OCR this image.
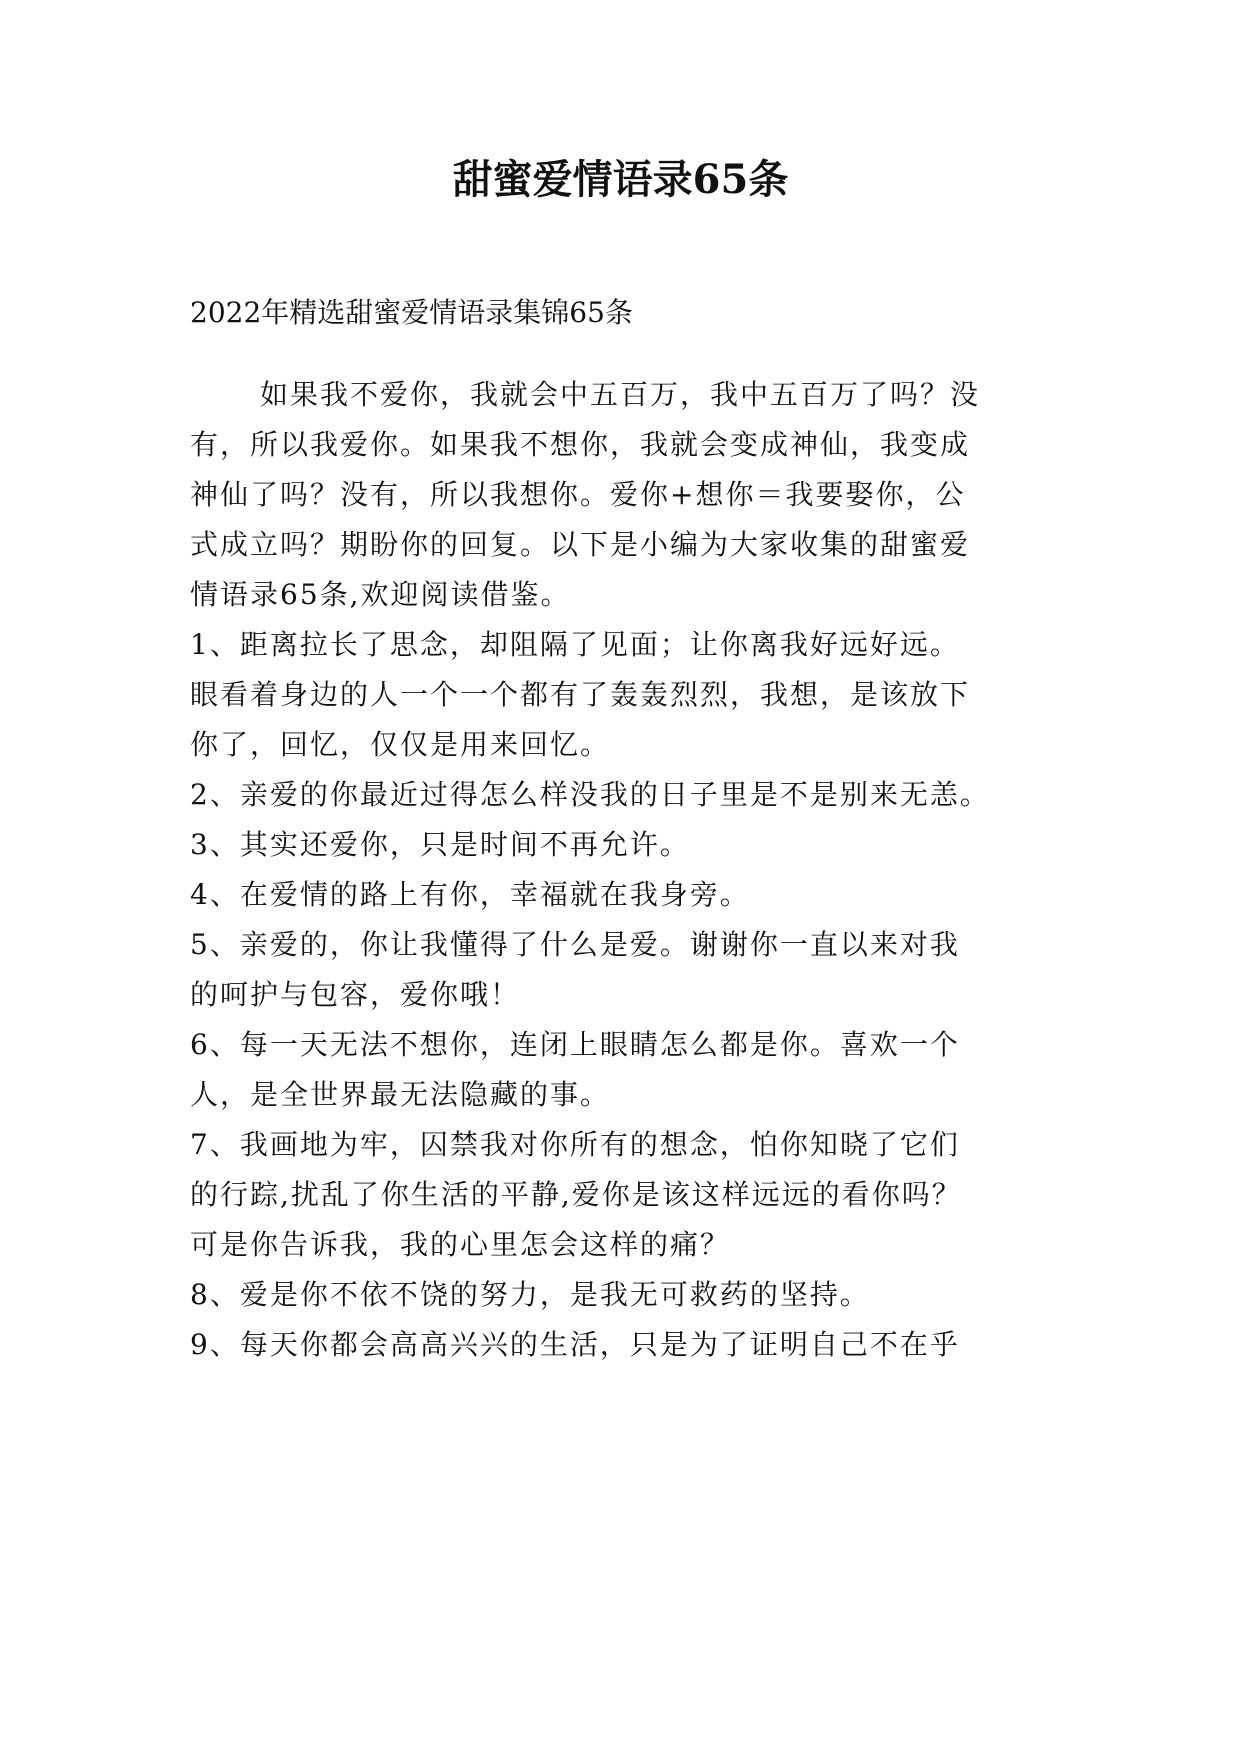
甜蜜爱情语录65条
2022年精选甜蜜爱情语录集锦65条
如果我不爱你，我就会中五百万，我中五百万了吗？没
有，所以我爱你。如果我不想你，我就会变成神仙，我变成
神仙了吗？没有，所以我想你。爱你+想你＝我要娶你，公
式成立吗？期盼你的回复。以下是小编为大家收集的甜蜜爱
情语录65条,欢迎阅读借鉴。
1、距离拉长了思念，却阻隔了见面；让你离我好远好远。
眼看着身边的人一个一个都有了轰轰烈烈，我想，是该放下
你了，回忆，仅仅是用来回忆。
2、亲爱的你最近过得怎么样没我的日子里是不是别来无恙。
3、其实还爱你，只是时间不再允许。
4、在爱情的路上有你，幸福就在我身旁。
5、亲爱的，你让我懂得了什么是爱。谢谢你一直以来对我
的呵护与包容，爱你哦！
6、每一天无法不想你，连闭上眼睛怎么都是你。喜欢一个
人，是全世界最无法隐藏的事。
7、我画地为牢，囚禁我对你所有的想念，怕你知晓了它们
的行踪,扰乱了你生活的平静,爱你是该这样远远的看你吗？
可是你告诉我，我的心里怎会这样的痛？
8、爱是你不依不饶的努力，是我无可救药的坚持。
9、每天你都会高高兴兴的生活，只是为了证明自己不在乎
